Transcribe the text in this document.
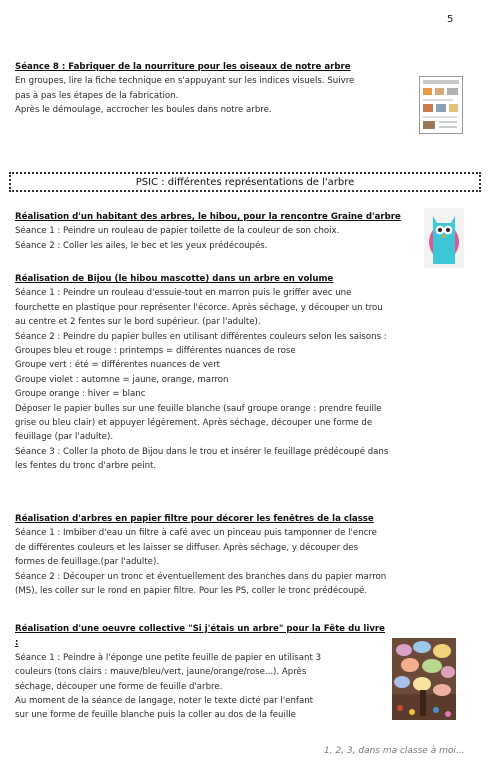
5

Séance 8 : Fabriquer de la nourriture pour les oiseaux de notre arbre

En groupes, lire la fiche technique en s'appuyant sur les indices visuels. Suivre

pas à pas les étapes de la fabrication.

Après le démoulage, accrocher les boules dans notre arbre.

PSIC : différentes représentations de l'arbre

Réalisation d'un habitant des arbres, le hibou, pour la rencontre Graine d'arbre

Séance 1 : Peindre un rouleau de papier toilette de la couleur de son choix.

Séance 2 : Coller les ailes, le bec et les yeux prédécoupés.

Réalisation de Bijou (le hibou mascotte) dans un arbre en volume

Séance 1 : Peindre un rouleau d'essuie-tout en marron puis le griffer avec une

fourchette en plastique pour représenter l'écorce. Après séchage, y découper un trou

au centre et 2 fentes sur le bord supérieur. (par l'adulte).

Séance 2 : Peindre du papier bulles en utilisant différentes couleurs selon les saisons :

Groupes bleu et rouge : printemps = différentes nuances de rose

Groupe vert : été = différentes nuances de vert

Groupe violet : automne = jaune, orange, marron

Groupe orange : hiver = blanc

Déposer le papier bulles sur une feuille blanche (sauf groupe orange : prendre feuille

grise ou bleu clair) et appuyer légèrement. Après séchage, découper une forme de

feuillage (par l'adulte).

Séance 3 : Coller la photo de Bijou dans le trou et insérer le feuillage prédécoupé dans

les fentes du tronc d'arbre peint.

Réalisation d'arbres en papier filtre pour décorer les fenêtres de la classe

Séance 1 : Imbiber d'eau un filtre à café avec un pinceau puis tamponner de l'encre

de différentes couleurs et les laisser se diffuser. Après séchage, y découper des

formes de feuillage.(par l'adulte).

Séance 2 : Découper un tronc et éventuellement des branches dans du papier marron

(MS), les coller sur le rond en papier filtre. Pour les PS, coller le tronc prédécoupé.

Réalisation d'une oeuvre collective "Si j'étais un arbre" pour la Fête du livre :

Séance 1 : Peindre à l'éponge une petite feuille de papier en utilisant 3

couleurs (tons clairs : mauve/bleu/vert, jaune/orange/rose...). Après

séchage, découper une forme de feuille d'arbre.

Au moment de la séance de langage, noter le texte dicté par l'enfant

sur une forme de feuille blanche puis la coller au dos de la feuille

1, 2, 3, dans ma classe à moi...
